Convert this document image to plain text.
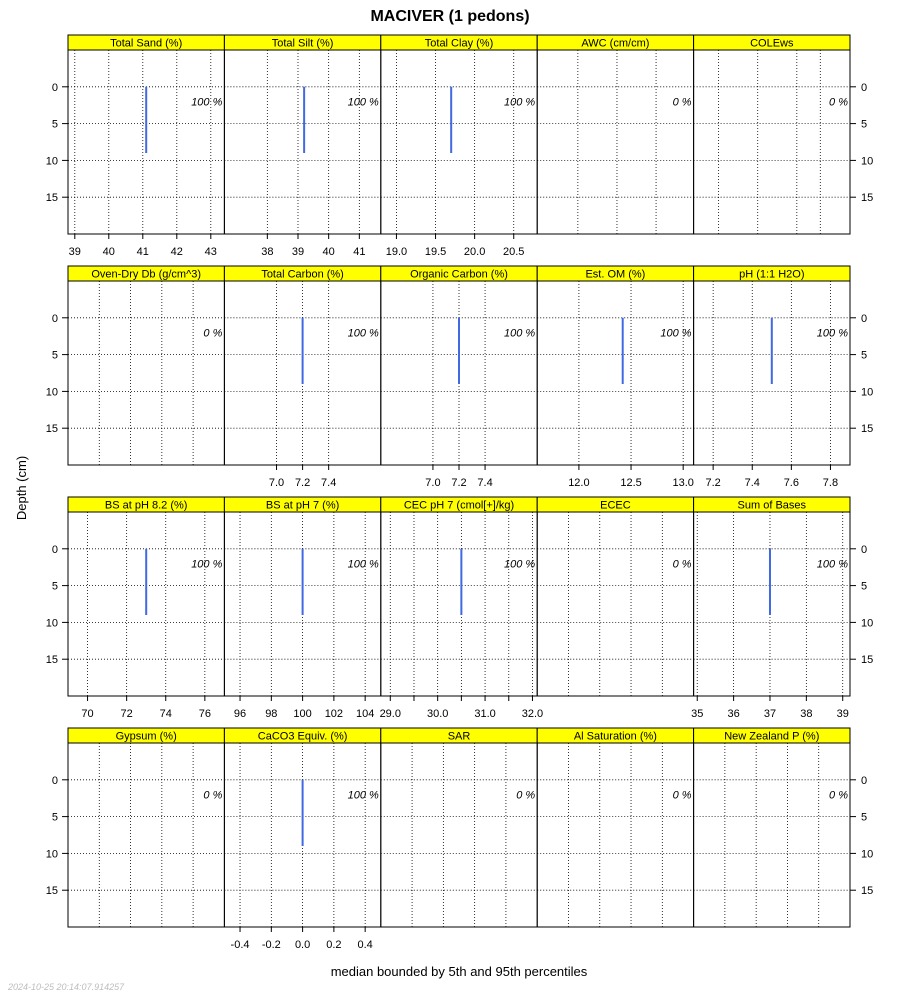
MACIVER (1 pedons)
Total Sand (%)
100 %
39 40 41 42 43
Total Silt (%)
100 %
38 39 40 41
Total Clay (%)
100 %
19.0 19.5 20.0 20.5
AWC (cm/cm)
0 %
COLEws
0 %
Oven-Dry Db (g/cm^3)
0 %
Total Carbon (%)
100 %
7.0 7.2 7.4
Organic Carbon (%)
100 %
7.0 7.2 7.4
Est. OM (%)
100 %
12.0	12.5	13.0
pH (1:1 H2O)
100 %
7.2 7.4 7.6 7.8
BS at pH 8.2 (%)
100 %
70 72 74 76
BS at pH 7 (%)
100 %
96 98 100 102 104
CEC pH 7 (cmol[+]/kg)
100 %
29.0 30.0 31.0 32.0
ECEC
0 %
Sum of Bases
100 %
35 36 37 38 39
Gypsum (%)
0 %
CaCO3 Equiv. (%)
100 %
-0.4 -0.2 0.0 0.2 0.4
SAR
0 %
Al Saturation (%)
0 %
New Zealand P (%)
0 %
0	0
5	5
10	10
15	15
0	0
5	5
10	10
15	15
0	0
5	5
10	10
15	15
0	0
5	5
10	10
15	15
median bounded by 5th and 95th percentiles
Depth (cm)
2024-10-25 20:14:07.914257
